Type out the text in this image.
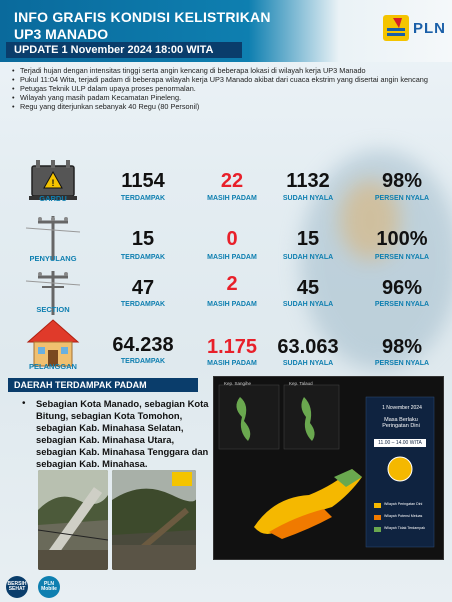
INFO GRAFIS KONDISI KELISTRIKAN
UP3 MANADO	PLN
UPDATE 1 November 2024 18:00 WITA
• Terjadi hujan dengan intensitas tinggi serta angin kencang di beberapa lokasi di wilayah kerja UP3 Manado
• Pukul 11:04 Wita, terjadi padam di beberapa wilayah kerja UP3 Manado akibat dari cuaca ekstrim yang disertai angin kencang
• Petugas Teknik ULP dalam upaya proses penormalan.
• Wilayah yang masih padam Kecamatan Pineleng.
• Regu yang diterjunkan sebanyak 40 Regu (80 Personil)
!
GARDU
1154
TERDAMPAK
22
MASIH PADAM
1132
SUDAH NYALA
98%
PERSEN NYALA
PENYULANG
15
TERDAMPAK
0
MASIH PADAM
15
SUDAH NYALA
100%
PERSEN NYALA
SECTION
47
TERDAMPAK
2
MASIH PADAM
45
SUDAH NYALA
96%
PERSEN NYALA
PELANGGAN
64.238
TERDAMPAK
1.175
MASIH PADAM
63.063
SUDAH NYALA
98%
PERSEN NYALA
DAERAH TERDAMPAK PADAM
• Sebagian Kota Manado, sebagian Kota Bitung, sebagian Kota Tomohon, sebagian Kab. Minahasa Selatan, sebagian Kab. Minahasa Utara, sebagian Kab. Minahasa Tenggara dan sebagian Kab. Minahasa.
Kep. Sangihe	Kep. Talaud
1 November 2024
Masa Berlaku Peringatan Dini
11.00 – 14.00 WITA
Wilayah Peringatan Dini
Wilayah Potensi Meluas
Wilayah Tidak Terdampak
BERSIH SEHAT
PLN Mobile
